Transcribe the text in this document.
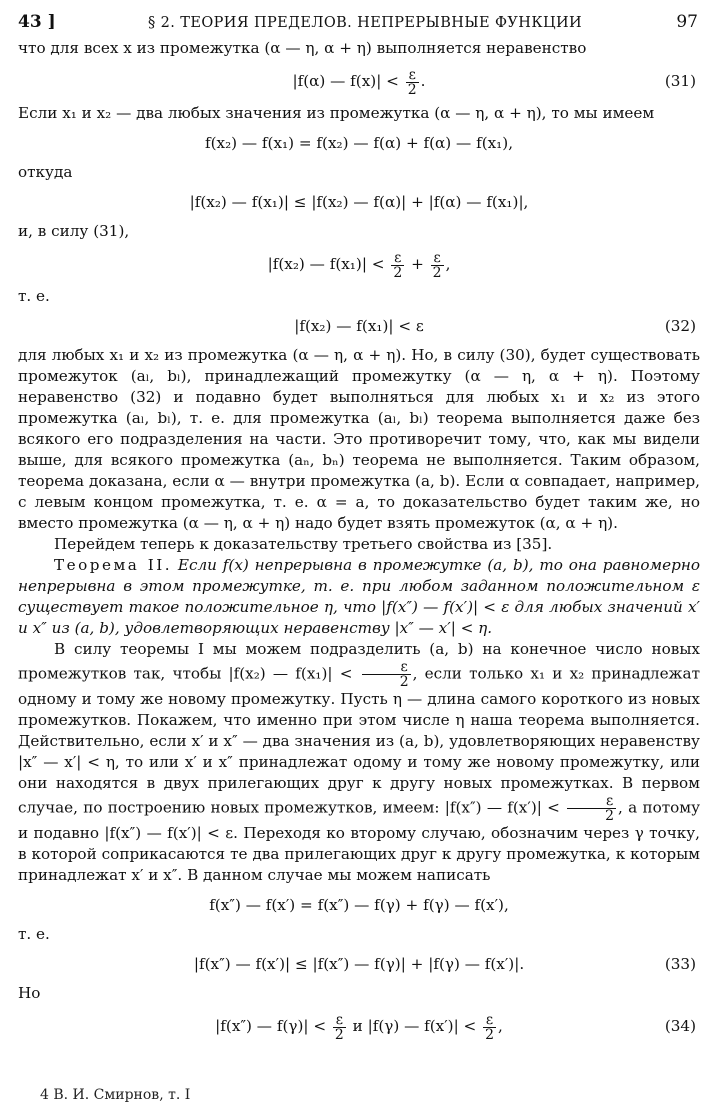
43 ]	§ 2. ТЕОРИЯ ПРЕДЕЛОВ. НЕПРЕРЫВНЫЕ ФУНКЦИИ	97

что для всех x из промежутка (α — η, α + η) выполняется неравенство

|f(α) — $f(x)| < \frac{\varepsilon}{2}$ .	(31)

Если x₁ и x₂ — два любых значения из промежутка (α — η, α + η), то мы имеем

f(x₂) — f(x₁) = f(x₂) — f(α) + f(α) — f(x₁),

откуда

|f(x₂) — f(x₁)| ≤ |f(x₂) — f(α)| + |f(α) — f(x₁)|,

и, в силу (31),

|f(x₂) — $f(x_1)| < \frac{\varepsilon}{2} + \frac{\varepsilon}{2}$ ,

т. е.

|f(x₂) — f(x₁)| < ε	(32)

для любых x₁ и x₂ из промежутка (α — η, α + η). Но, в силу (30), будет существовать промежуток (aₗ, bₗ), принадлежащий промежутку (α — η, α + η). Поэтому неравенство (32) и подавно будет выполняться для любых x₁ и x₂ из этого промежутка (aₗ, bₗ), т. е. для промежутка (aₗ, bₗ) теорема выполняется даже без всякого его подразделения на части. Это противоречит тому, что, как мы видели выше, для всякого промежутка (aₙ, bₙ) теорема не выполняется. Таким образом, теорема доказана, если α — внутри промежутка (a, b). Если α совпадает, например, с левым концом промежутка, т. е. α = a, то доказательство будет таким же, но вместо промежутка (α — η, α + η) надо будет взять промежуток (α, α + η).

Перейдем теперь к доказательству третьего свойства из [35].

Теорема II. Если f(x) непрерывна в промежутке (a, b), то она равномерно непрерывна в этом промежутке, т. е. при любом заданном положительном ε существует такое положительное η, что |f(x″) — f(x′)| < ε для любых значений x′ и x″ из (a, b), удовлетворяющих неравенству |x″ — x′| < η.

В силу теоремы I мы можем подразделить (a, b) на конечное число новых промежутков так, чтобы |f(x₂) — $f(x_1)| < \frac{\varepsilon}{2}$ , если только x₁ и x₂ принадлежат одному и тому же новому промежутку. Пусть η — длина самого короткого из новых промежутков. Покажем, что именно при этом числе η наша теорема выполняется. Действительно, если x′ и x″ — два значения из (a, b), удовлетворяющих неравенству |x″ — x′| < η, то или x′ и x″ принадлежат одому и тому же новому промежутку, или они находятся в двух прилегающих друг к другу новых промежутках. В первом случае, по построению новых промежутков, имеем: |f(x″) — $f(x')| < \frac{\varepsilon}{2}$ , а потому и подавно |f(x″) — f(x′)| < ε. Переходя ко второму случаю, обозначим через γ точку, в которой соприкасаются те два прилегающих друг к другу промежутка, к которым принадлежат x′ и x″. В данном случае мы можем написать

f(x″) — f(x′) = f(x″) — f(γ) + f(γ) — f(x′),

т. е.

|f(x″) — f(x′)| ≤ |f(x″) — f(γ)| + |f(γ) — f(x′)|.	(33)

Но

|f(x″) — $f(\gamma)| < \frac{\varepsilon}{2}$ и |f(γ) — $f(x')| < \frac{\varepsilon}{2}$ ,	(34)
4 В. И. Смирнов, т. I
